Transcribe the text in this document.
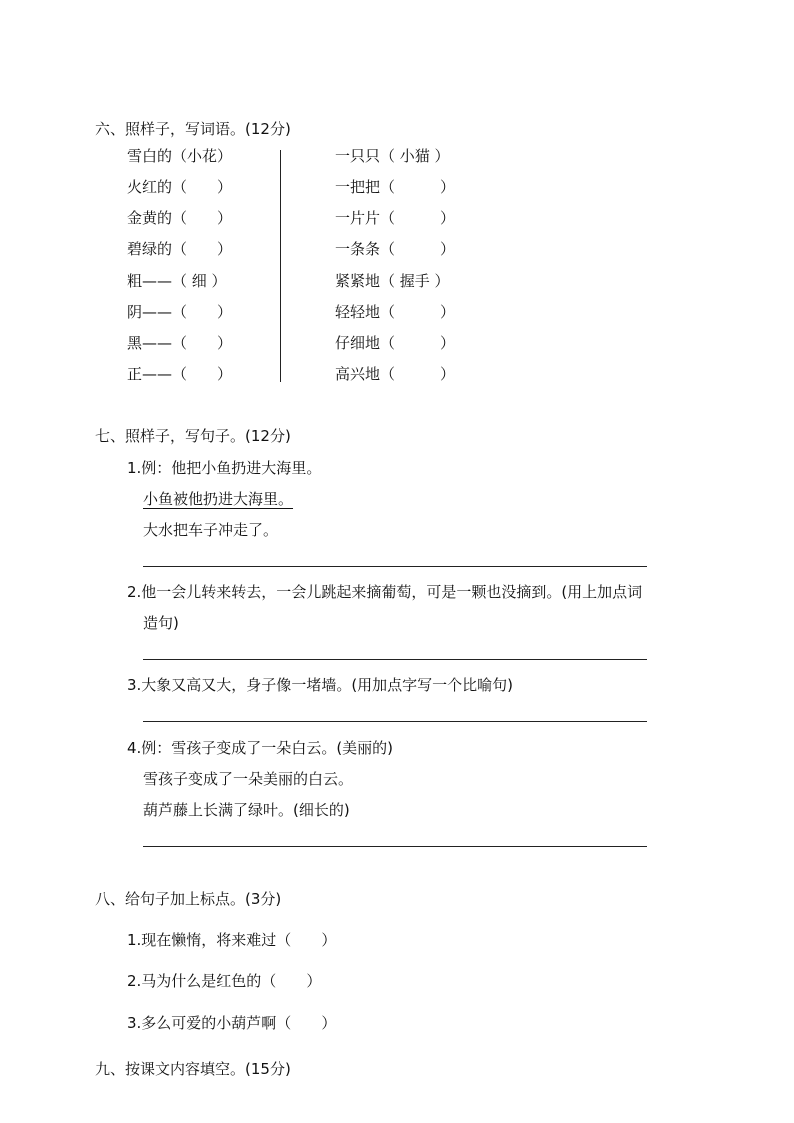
六、照样子，写词语。(12分)
雪白的（小花）
火红的（　　）
金黄的（　　）
碧绿的（　　）
粗——（ 细 ）
阴——（　　）
黑——（　　）
正——（　　）
一只只（ 小猫 ）
一把把（　　　）
一片片（　　　）
一条条（　　　）
紧紧地（ 握手 ）
轻轻地（　　　）
仔细地（　　　）
高兴地（　　　）
七、照样子，写句子。(12分)
1.例：他把小鱼扔进大海里。
小鱼被他扔进大海里。
大水把车子冲走了。
2.他一会儿转来转去，一会儿跳起来摘葡萄，可是一颗也没摘到。(用上加点词
造句)
3.大象又高又大，身子像一堵墙。(用加点字写一个比喻句)
4.例：雪孩子变成了一朵白云。(美丽的)
雪孩子变成了一朵美丽的白云。
葫芦藤上长满了绿叶。(细长的)
八、给句子加上标点。(3分)
1.现在懒惰，将来难过（　　）
2.马为什么是红色的（　　）
3.多么可爱的小葫芦啊（　　）
九、按课文内容填空。(15分)
